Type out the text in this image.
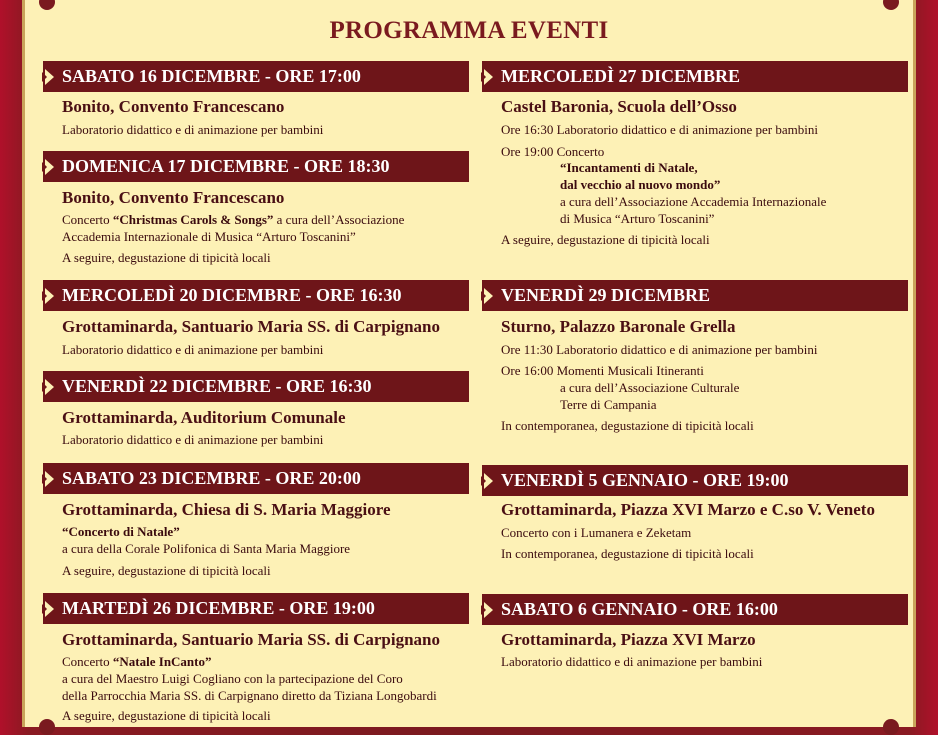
PROGRAMMA EVENTI
SABATO 16 DICEMBRE - ORE 17:00
Bonito, Convento Francescano
Laboratorio didattico e di animazione per bambini
DOMENICA 17 DICEMBRE - ORE 18:30
Bonito, Convento Francescano
Concerto “Christmas Carols & Songs” a cura dell’Associazione
Accademia Internazionale di Musica “Arturo Toscanini”
A seguire, degustazione di tipicità locali
MERCOLEDÌ 20 DICEMBRE - ORE 16:30
Grottaminarda, Santuario Maria SS. di Carpignano
Laboratorio didattico e di animazione per bambini
VENERDÌ 22 DICEMBRE - ORE 16:30
Grottaminarda, Auditorium Comunale
Laboratorio didattico e di animazione per bambini
SABATO 23 DICEMBRE - ORE 20:00
Grottaminarda, Chiesa di S. Maria Maggiore
“Concerto di Natale”
a cura della Corale Polifonica di Santa Maria Maggiore
A seguire, degustazione di tipicità locali
MARTEDÌ 26 DICEMBRE - ORE 19:00
Grottaminarda, Santuario Maria SS. di Carpignano
Concerto “Natale InCanto”
a cura del Maestro Luigi Cogliano con la partecipazione del Coro
della Parrocchia Maria SS. di Carpignano diretto da Tiziana Longobardi
A seguire, degustazione di tipicità locali
MERCOLEDÌ 27 DICEMBRE
Castel Baronia, Scuola dell’Osso
Ore 16:30 Laboratorio didattico e di animazione per bambini
Ore 19:00 Concerto
“Incantamenti di Natale,
dal vecchio al nuovo mondo”
a cura dell’Associazione Accademia Internazionale
di Musica “Arturo Toscanini”
A seguire, degustazione di tipicità locali
VENERDÌ 29 DICEMBRE
Sturno, Palazzo Baronale Grella
Ore 11:30 Laboratorio didattico e di animazione per bambini
Ore 16:00 Momenti Musicali Itineranti
a cura dell’Associazione Culturale
Terre di Campania
In contemporanea, degustazione di tipicità locali
VENERDÌ 5 GENNAIO - ORE 19:00
Grottaminarda, Piazza XVI Marzo e C.so V. Veneto
Concerto con i Lumanera e Zeketam
In contemporanea, degustazione di tipicità locali
SABATO 6 GENNAIO - ORE 16:00
Grottaminarda, Piazza XVI Marzo
Laboratorio didattico e di animazione per bambini
